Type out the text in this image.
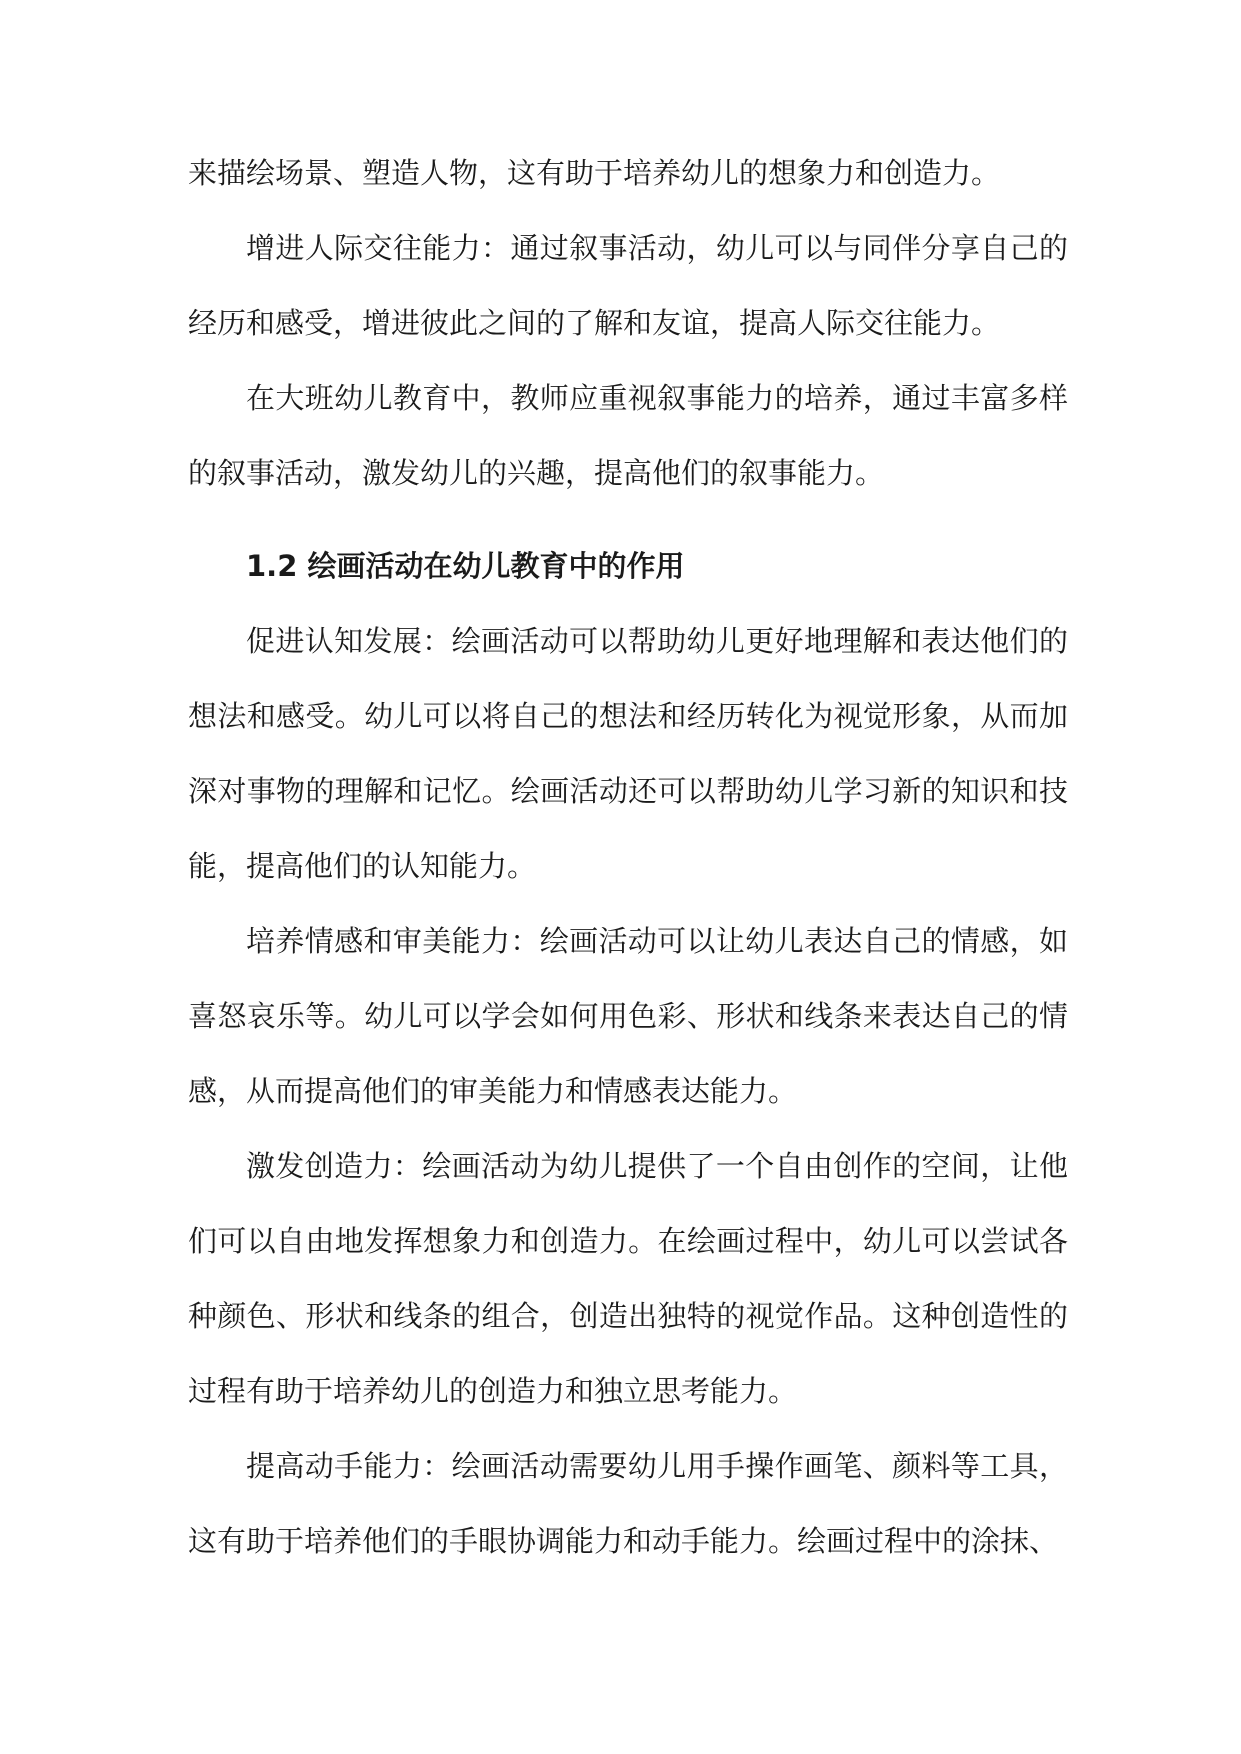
来描绘场景、塑造人物，这有助于培养幼儿的想象力和创造力。

增进人际交往能力：通过叙事活动，幼儿可以与同伴分享自己的经历和感受，增进彼此之间的了解和友谊，提高人际交往能力。

在大班幼儿教育中，教师应重视叙事能力的培养，通过丰富多样的叙事活动，激发幼儿的兴趣，提高他们的叙事能力。

1.2 绘画活动在幼儿教育中的作用

促进认知发展：绘画活动可以帮助幼儿更好地理解和表达他们的想法和感受。幼儿可以将自己的想法和经历转化为视觉形象，从而加深对事物的理解和记忆。绘画活动还可以帮助幼儿学习新的知识和技能，提高他们的认知能力。

培养情感和审美能力：绘画活动可以让幼儿表达自己的情感，如喜怒哀乐等。幼儿可以学会如何用色彩、形状和线条来表达自己的情感，从而提高他们的审美能力和情感表达能力。

激发创造力：绘画活动为幼儿提供了一个自由创作的空间，让他们可以自由地发挥想象力和创造力。在绘画过程中，幼儿可以尝试各种颜色、形状和线条的组合，创造出独特的视觉作品。这种创造性的过程有助于培养幼儿的创造力和独立思考能力。

提高动手能力：绘画活动需要幼儿用手操作画笔、颜料等工具，这有助于培养他们的手眼协调能力和动手能力。绘画过程中的涂抹、
